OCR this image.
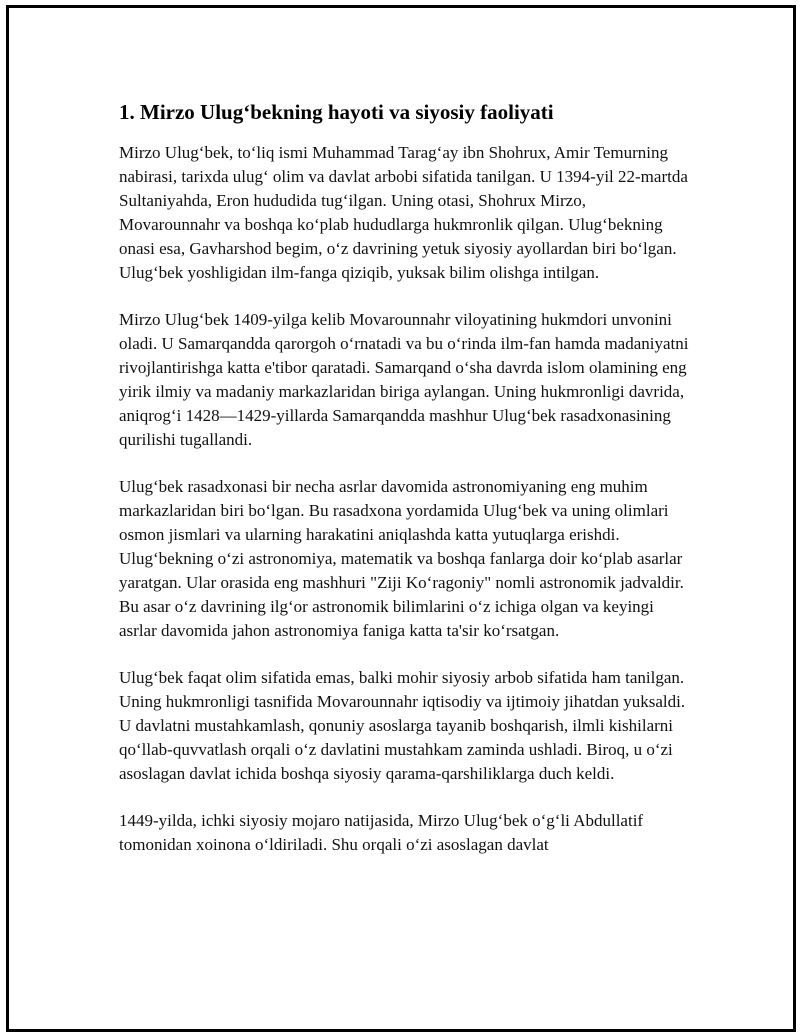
1. Mirzo Ulug‘bekning hayoti va siyosiy faoliyati

Mirzo Ulug‘bek, to‘liq ismi Muhammad Tarag‘ay ibn Shohrux, Amir Temurning nabirasi, tarixda ulug‘ olim va davlat arbobi sifatida tanilgan. U 1394-yil 22-martda Sultaniyahda, Eron hududida tug‘ilgan. Uning otasi, Shohrux Mirzo, Movarounnahr va boshqa ko‘plab hududlarga hukmronlik qilgan. Ulug‘bekning onasi esa, Gavharshod begim, o‘z davrining yetuk siyosiy ayollardan biri bo‘lgan. Ulug‘bek yoshligidan ilm-fanga qiziqib, yuksak bilim olishga intilgan.

Mirzo Ulug‘bek 1409-yilga kelib Movarounnahr viloyatining hukmdori unvonini oladi. U Samarqandda qarorgoh o‘rnatadi va bu o‘rinda ilm-fan hamda madaniyatni rivojlantirishga katta e'tibor qaratadi. Samarqand o‘sha davrda islom olamining eng yirik ilmiy va madaniy markazlaridan biriga aylangan. Uning hukmronligi davrida, aniqrog‘i 1428—1429-yillarda Samarqandda mashhur Ulug‘bek rasadxonasining qurilishi tugallandi.

Ulug‘bek rasadxonasi bir necha asrlar davomida astronomiyaning eng muhim markazlaridan biri bo‘lgan. Bu rasadxona yordamida Ulug‘bek va uning olimlari osmon jismlari va ularning harakatini aniqlashda katta yutuqlarga erishdi. Ulug‘bekning o‘zi astronomiya, matematik va boshqa fanlarga doir ko‘plab asarlar yaratgan. Ular orasida eng mashhuri "Ziji Ko‘ragoniy" nomli astronomik jadvaldir. Bu asar o‘z davrining ilg‘or astronomik bilimlarini o‘z ichiga olgan va keyingi asrlar davomida jahon astronomiya faniga katta ta'sir ko‘rsatgan.

Ulug‘bek faqat olim sifatida emas, balki mohir siyosiy arbob sifatida ham tanilgan. Uning hukmronligi tasnifida Movarounnahr iqtisodiy va ijtimoiy jihatdan yuksaldi. U davlatni mustahkamlash, qonuniy asoslarga tayanib boshqarish, ilmli kishilarni qo‘llab-quvvatlash orqali o‘z davlatini mustahkam zaminda ushladi. Biroq, u o‘zi asoslagan davlat ichida boshqa siyosiy qarama-qarshiliklarga duch keldi.

1449-yilda, ichki siyosiy mojaro natijasida, Mirzo Ulug‘bek o‘g‘li Abdullatif tomonidan xoinona o‘ldiriladi. Shu orqali o‘zi asoslagan davlat
